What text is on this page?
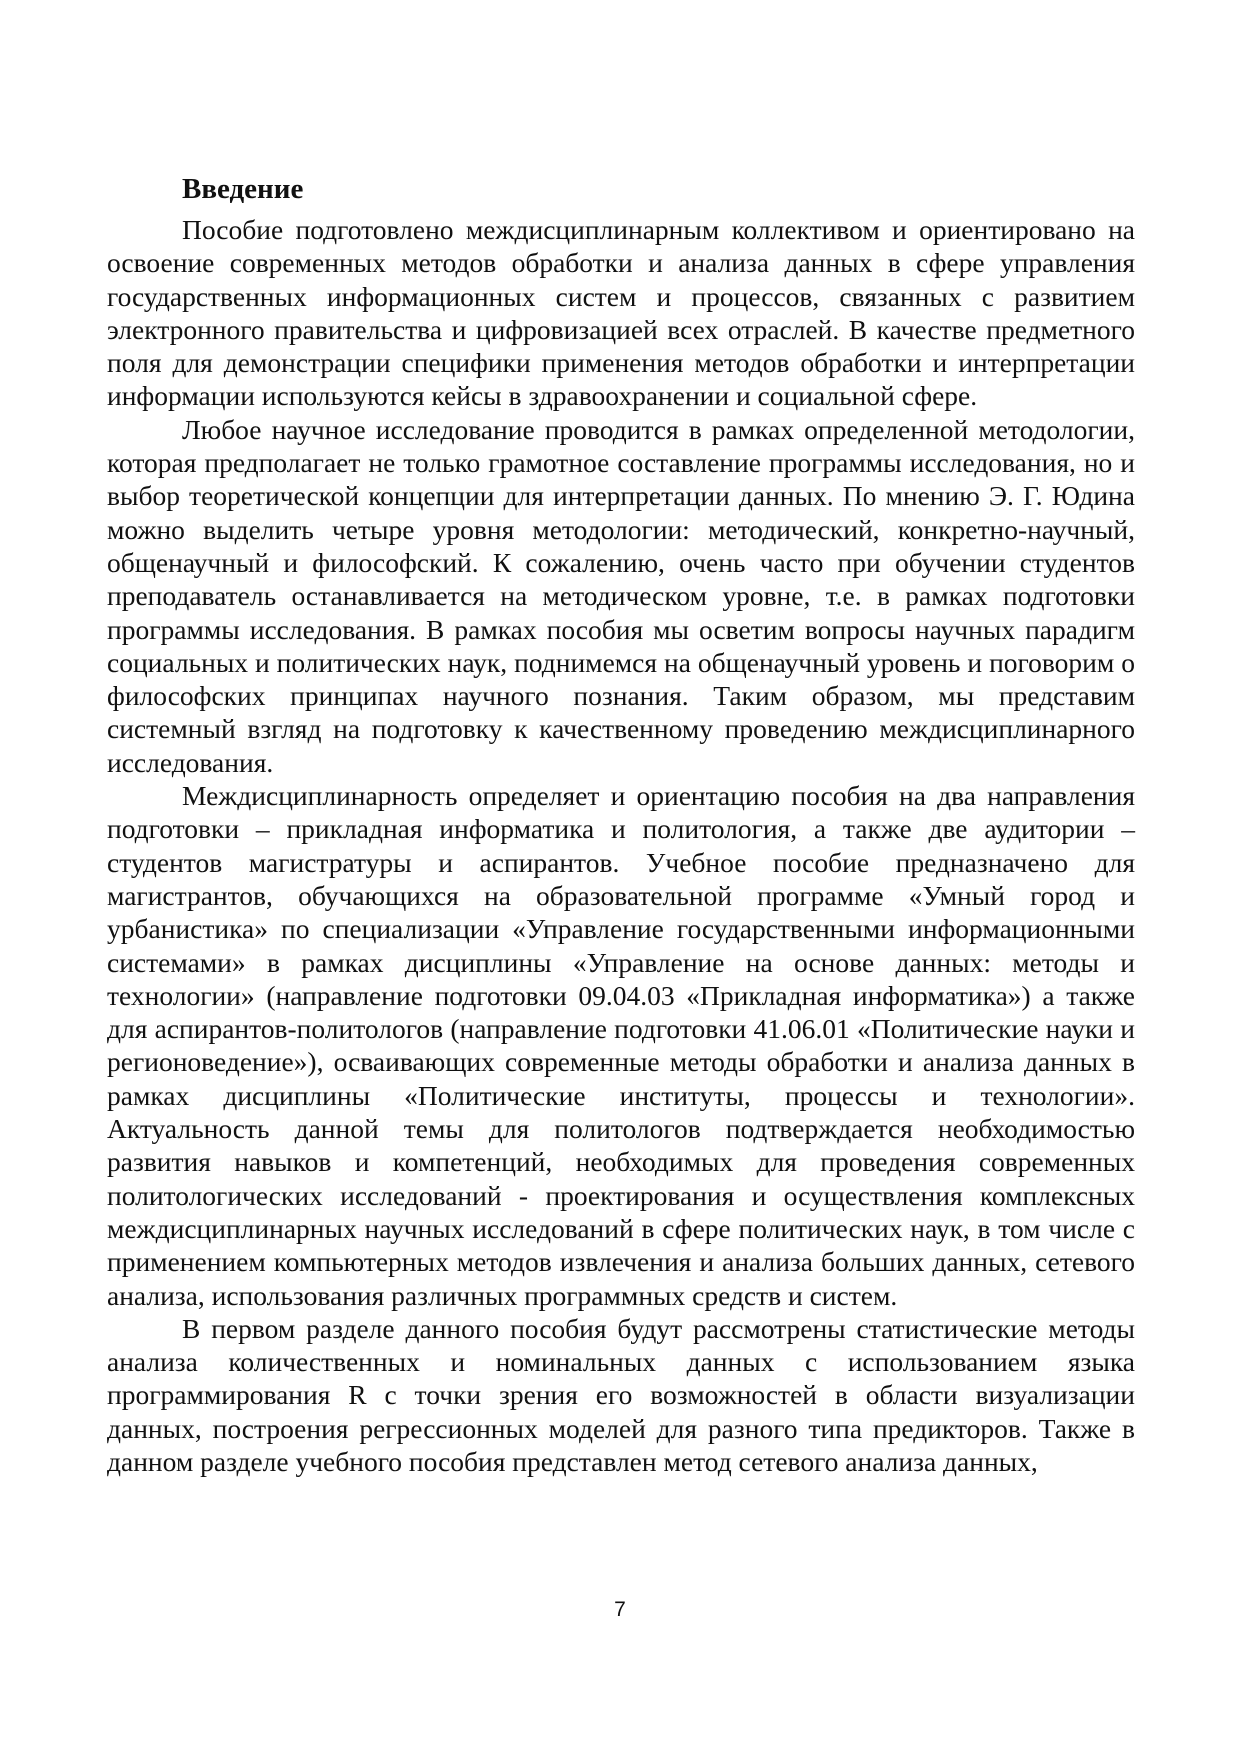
Введение

Пособие подготовлено междисциплинарным коллективом и ориентировано на освоение современных методов обработки и анализа данных в сфере управления государственных информационных систем и процессов, связанных с развитием электронного правительства и цифровизацией всех отраслей. В качестве предметного поля для демонстрации специфики применения методов обработки и интерпретации информации используются кейсы в здравоохранении и социальной сфере.

Любое научное исследование проводится в рамках определенной методологии, которая предполагает не только грамотное составление программы исследования, но и выбор теоретической концепции для интерпретации данных. По мнению Э. Г. Юдина можно выделить четыре уровня методологии: методический, конкретно-научный, общенаучный и философский. К сожалению, очень часто при обучении студентов преподаватель останавливается на методическом уровне, т.е. в рамках подготовки программы исследования. В рамках пособия мы осветим вопросы научных парадигм социальных и политических наук, поднимемся на общенаучный уровень и поговорим о философских принципах научного познания. Таким образом, мы представим системный взгляд на подготовку к качественному проведению междисциплинарного исследования.

Междисциплинарность определяет и ориентацию пособия на два направления подготовки – прикладная информатика и политология, а также две аудитории – студентов магистратуры и аспирантов. Учебное пособие предназначено для магистрантов, обучающихся на образовательной программе «Умный город и урбанистика» по специализации «Управление государственными информационными системами» в рамках дисциплины «Управление на основе данных: методы и технологии» (направление подготовки 09.04.03 «Прикладная информатика») а также для аспирантов-политологов (направление подготовки 41.06.01 «Политические науки и регионоведение»), осваивающих современные методы обработки и анализа данных в рамках дисциплины «Политические институты, процессы и технологии». Актуальность данной темы для политологов подтверждается необходимостью развития навыков и компетенций, необходимых для проведения современных политологических исследований - проектирования и осуществления комплексных междисциплинарных научных исследований в сфере политических наук, в том числе с применением компьютерных методов извлечения и анализа больших данных, сетевого анализа, использования различных программных средств и систем.

В первом разделе данного пособия будут рассмотрены статистические методы анализа количественных и номинальных данных с использованием языка программирования R с точки зрения его возможностей в области визуализации данных, построения регрессионных моделей для разного типа предикторов. Также в данном разделе учебного пособия представлен метод сетевого анализа данных,

7
